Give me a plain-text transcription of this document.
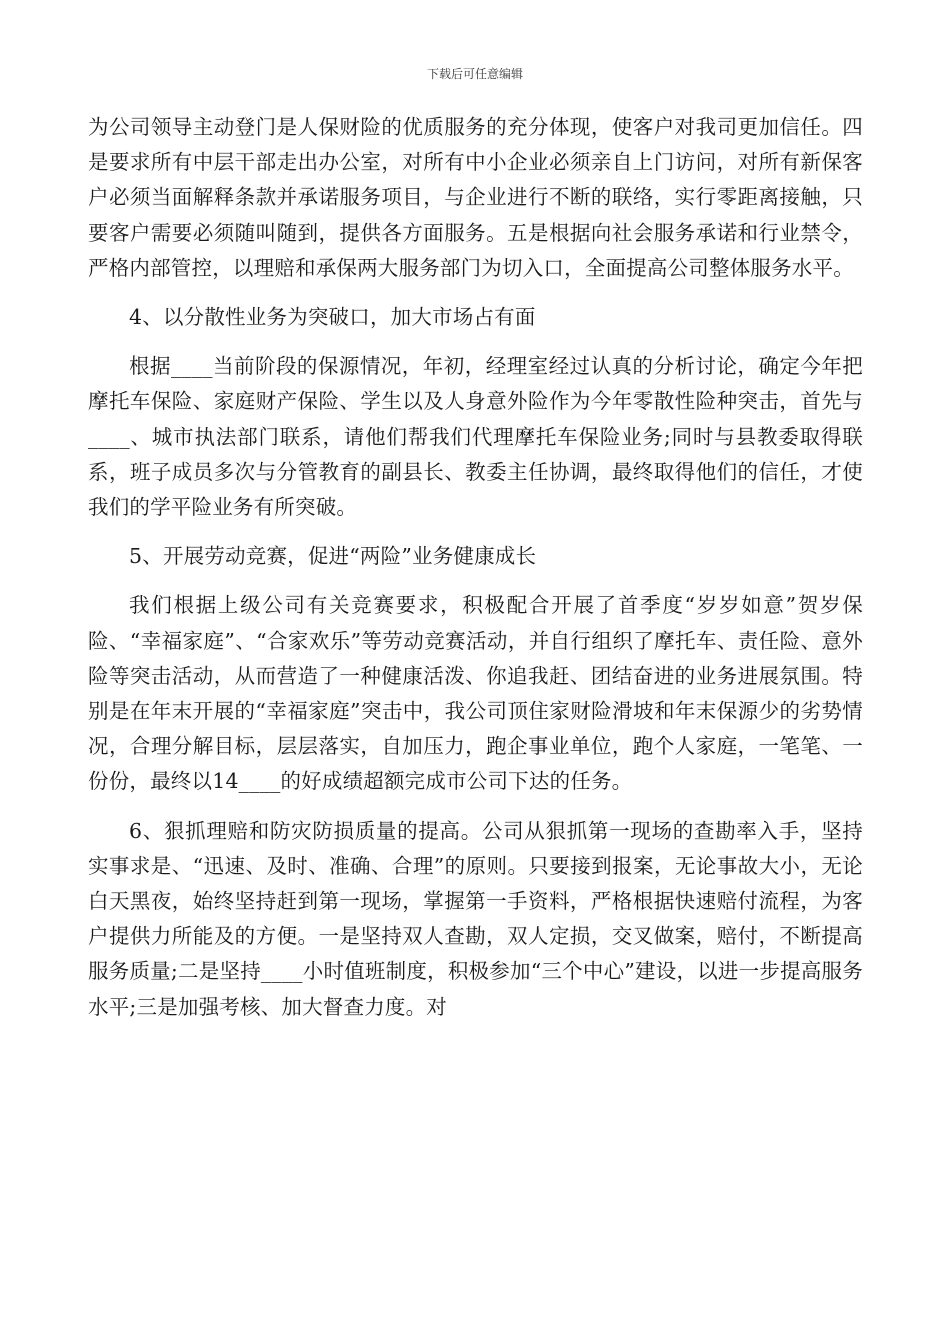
下载后可任意编辑

为公司领导主动登门是人保财险的优质服务的充分体现，使客户对我司更加信任。四是要求所有中层干部走出办公室，对所有中小企业必须亲自上门访问，对所有新保客户必须当面解释条款并承诺服务项目，与企业进行不断的联络，实行零距离接触，只要客户需要必须随叫随到，提供各方面服务。五是根据向社会服务承诺和行业禁令，严格内部管控，以理赔和承保两大服务部门为切入口，全面提高公司整体服务水平。

4、以分散性业务为突破口，加大市场占有面

根据____当前阶段的保源情况，年初，经理室经过认真的分析讨论，确定今年把摩托车保险、家庭财产保险、学生以及人身意外险作为今年零散性险种突击，首先与____、城市执法部门联系，请他们帮我们代理摩托车保险业务;同时与县教委取得联系，班子成员多次与分管教育的副县长、教委主任协调，最终取得他们的信任，才使我们的学平险业务有所突破。

5、开展劳动竞赛，促进“两险”业务健康成长

我们根据上级公司有关竞赛要求，积极配合开展了首季度“岁岁如意”贺岁保险、“幸福家庭”、“合家欢乐”等劳动竞赛活动，并自行组织了摩托车、责任险、意外险等突击活动，从而营造了一种健康活泼、你追我赶、团结奋进的业务进展氛围。特别是在年末开展的“幸福家庭”突击中，我公司顶住家财险滑坡和年末保源少的劣势情况，合理分解目标，层层落实，自加压力，跑企事业单位，跑个人家庭，一笔笔、一份份，最终以14____的好成绩超额完成市公司下达的任务。

6、狠抓理赔和防灾防损质量的提高。公司从狠抓第一现场的查勘率入手，坚持实事求是、“迅速、及时、准确、合理”的原则。只要接到报案，无论事故大小，无论白天黑夜，始终坚持赶到第一现场，掌握第一手资料，严格根据快速赔付流程，为客户提供力所能及的方便。一是坚持双人查勘，双人定损，交叉做案，赔付，不断提高服务质量;二是坚持____小时值班制度，积极参加“三个中心”建设，以进一步提高服务水平;三是加强考核、加大督查力度。对
